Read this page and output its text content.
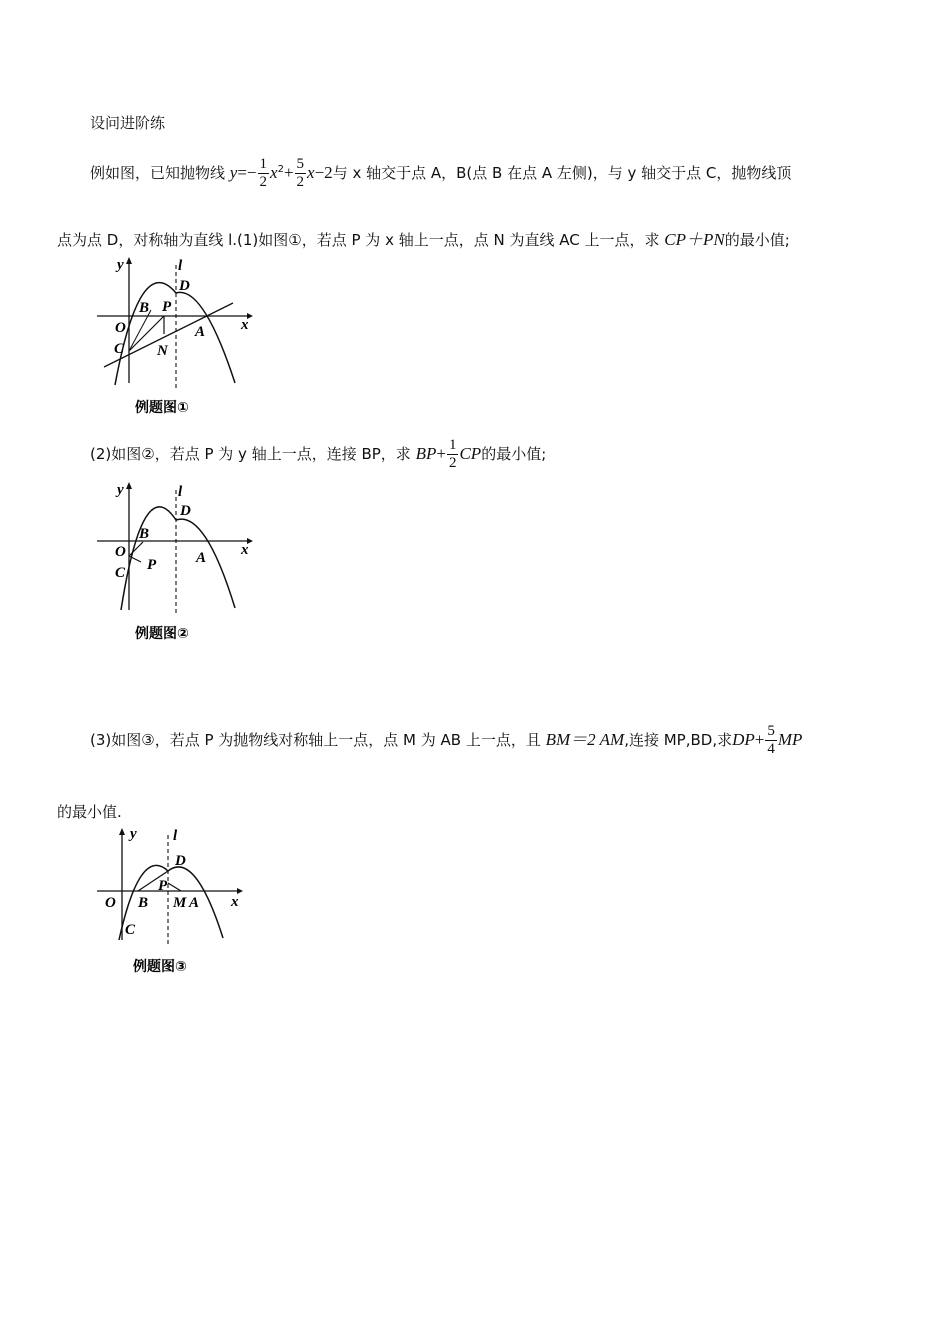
设问进阶练
例如图，已知抛物线 $y=- \frac{1}{2} x^2+ \frac{5}{2} x-2$与 x 轴交于点 A，B(点 B 在点 A 左侧)，与 y 轴交于点 C，抛物线顶
点为点 D，对称轴为直线 l.(1)如图①，若点 P 为 x 轴上一点，点 N 为直线 AC 上一点，求 CP＋PN的最小值;
y	l
D
B P
O	A x
C N
例题图①
(2)如图②，若点 P 为 y 轴上一点，连接 BP，求 $BP+ \frac{1}{2}$ CP的最小值;
y	l
D
B
O	A x
C P
例题图②
(3)如图③，若点 P 为抛物线对称轴上一点，点 M 为 AB 上一点，且 BM＝2 AM,连接 MP,BD,求$DP+ \frac{5}{4}$ MP
的最小值.
y l
D
P
O B M A x
C
例题图③
